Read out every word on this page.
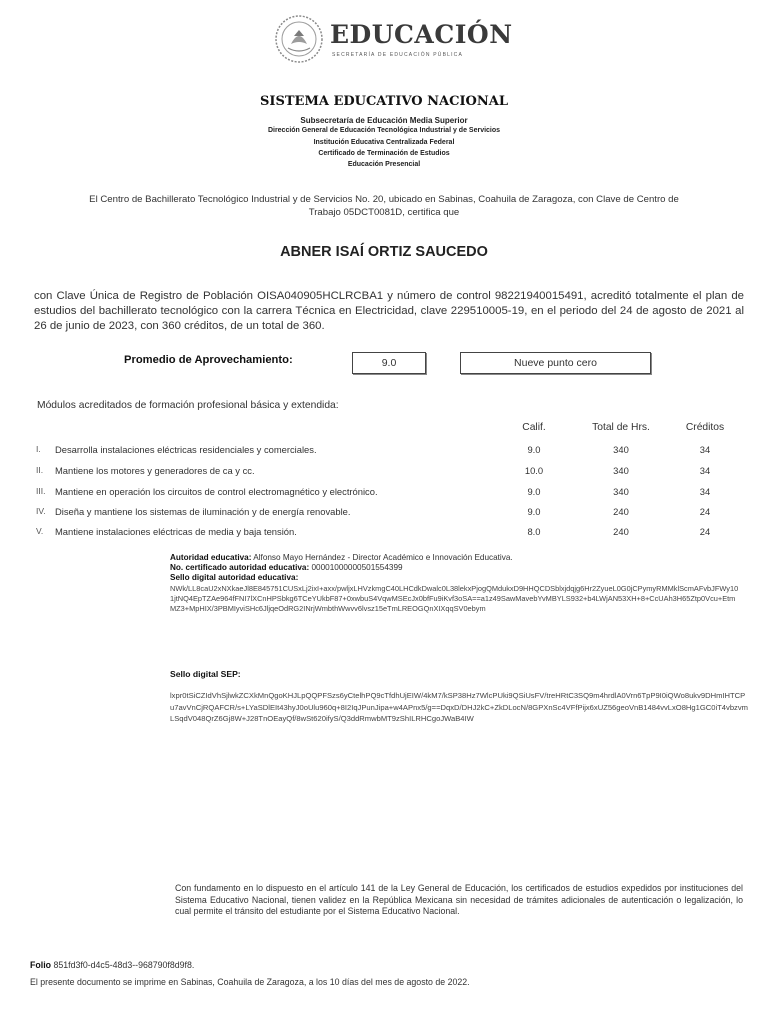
EDUCACIÓN
SECRETARÍA DE EDUCACIÓN PÚBLICA
SISTEMA EDUCATIVO NACIONAL
Subsecretaría de Educación Media Superior
Dirección General de Educación Tecnológica Industrial y de Servicios
Institución Educativa Centralizada Federal
Certificado de Terminación de Estudios
Educación Presencial
El Centro de Bachillerato Tecnológico Industrial y de Servicios No. 20, ubicado en Sabinas, Coahuila de Zaragoza, con Clave de Centro de Trabajo 05DCT0081D, certifica que
ABNER ISAÍ ORTIZ SAUCEDO
con Clave Única de Registro de Población OISA040905HCLRCBA1 y número de control 98221940015491, acreditó totalmente el plan de estudios del bachillerato tecnológico con la carrera Técnica en Electricidad, clave 229510005-19, en el periodo del 24 de agosto de 2021 al 26 de junio de 2023, con 360 créditos, de un total de 360.
Promedio de Aprovechamiento:	9.0	Nueve punto cero
Módulos acreditados de formación profesional básica y extendida:
Calif.	Total de Hrs.	Créditos
I. Desarrolla instalaciones eléctricas residenciales y comerciales.	9.0	340	34
II. Mantiene los motores y generadores de ca y cc.	10.0	340	34
III. Mantiene en operación los circuitos de control electromagnético y electrónico.	9.0	340	34
IV. Diseña y mantiene los sistemas de iluminación y de energía renovable.	9.0	240	24
V. Mantiene instalaciones eléctricas de media y baja tensión.	8.0	240	24
Autoridad educativa: Alfonso Mayo Hernández - Director Académico e Innovación Educativa.
No. certificado autoridad educativa: 00001000000501554399
Sello digital autoridad educativa:
NWk/LL8caU2xNXkaeJl8E845751CUSxLj2ixI+axx/pwljxLHVzkmgC40LHCdkDwalc0L38lekxPjogQMdukxD9HHQCDSblxjdqjg6Hr2ZyueL0G0jCPymyRMMklScmAFvbJFWy101jtNQ4EpTZAe964fFNI7lXCnHPSbkg6TCeYUkbF87+0xwbuS4VqwMSEcJx0bfFu9iKvf3oSA==a1z49SawMavebYvMBYLS932+b4LWjAN53XH+8+CcUAh3H65Ztp0Vcu+EtmMZ3+MpHIX/3PBMIyviSHc6JljqeOdRG2INrjWmbthWwvv6lvsz15eTmLREOGQnXIXqqSV0ebym
Sello digital SEP:
lxpr0tSiCZIdVhSjlwkZCXkMnQgoKHJLpQQPFSzs6yCtelhPQ9cTfdhUjEIW/4kM7/kSP38Hz7WlcPUki9QSiUsFV/treHRtC3SQ9m4hrdlA0Vrn6TpP9I0iQWo8ukv9DHmIHTCPu7avVnCjRQAFCR/s+LYaSDlEIt43hyJ0oUlu960q+8I2IqJPunJipa+w4APnx5/g==DqxD/DHJ2kC+ZkDLocN/8GPXnSc4VFfPijx6xUZ56geoVnB1484vvLxO8Hg1GC0iT4vbzvmLSqdV048QrZ6Gj8W+J28TnOEayQf/8wSt620ifyS/Q3ddRmwbMT9zShILRHCgoJWaB4IW
Con fundamento en lo dispuesto en el artículo 141 de la Ley General de Educación, los certificados de estudios expedidos por instituciones del Sistema Educativo Nacional, tienen validez en la República Mexicana sin necesidad de trámites adicionales de autenticación o legalización, lo cual permite el tránsito del estudiante por el Sistema Educativo Nacional.
Folio 851fd3f0-d4c5-48d3--968790f8d9f8.
El presente documento se imprime en Sabinas, Coahuila de Zaragoza, a los 10 días del mes de agosto de 2022.
